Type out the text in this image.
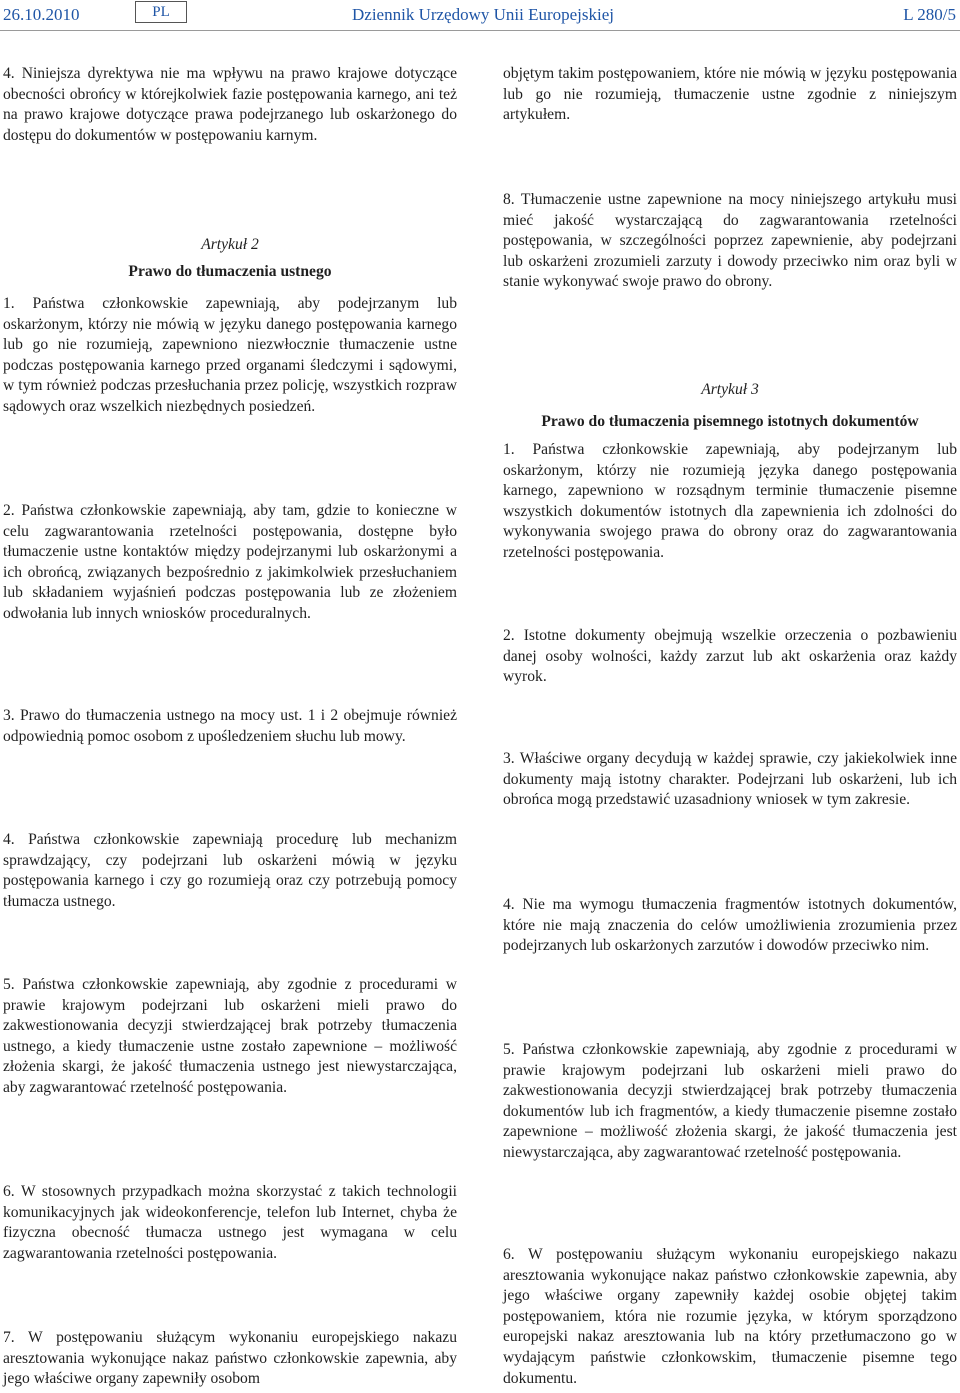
26.10.2010	PL	Dziennik Urzędowy Unii Europejskiej	L 280/5

4. Niniejsza dyrektywa nie ma wpływu na prawo krajowe dotyczące obecności obrońcy w którejkolwiek fazie postępowania karnego, ani też na prawo krajowe dotyczące prawa podejrzanego lub oskarżonego do dostępu do dokumentów w postępowaniu karnym.

Artykuł 2

Prawo do tłumaczenia ustnego

1. Państwa członkowskie zapewniają, aby podejrzanym lub oskarżonym, którzy nie mówią w języku danego postępowania karnego lub go nie rozumieją, zapewniono niezwłocznie tłumaczenie ustne podczas postępowania karnego przed organami śledczymi i sądowymi, w tym również podczas przesłuchania przez policję, wszystkich rozpraw sądowych oraz wszelkich niezbędnych posiedzeń.

2. Państwa członkowskie zapewniają, aby tam, gdzie to konieczne w celu zagwarantowania rzetelności postępowania, dostępne było tłumaczenie ustne kontaktów między podejrzanymi lub oskarżonymi a ich obrońcą, związanych bezpośrednio z jakimkolwiek przesłuchaniem lub składaniem wyjaśnień podczas postępowania lub ze złożeniem odwołania lub innych wniosków proceduralnych.

3. Prawo do tłumaczenia ustnego na mocy ust. 1 i 2 obejmuje również odpowiednią pomoc osobom z upośledzeniem słuchu lub mowy.

4. Państwa członkowskie zapewniają procedurę lub mechanizm sprawdzający, czy podejrzani lub oskarżeni mówią w języku postępowania karnego i czy go rozumieją oraz czy potrzebują pomocy tłumacza ustnego.

5. Państwa członkowskie zapewniają, aby zgodnie z procedurami w prawie krajowym podejrzani lub oskarżeni mieli prawo do zakwestionowania decyzji stwierdzającej brak potrzeby tłumaczenia ustnego, a kiedy tłumaczenie ustne zostało zapewnione – możliwość złożenia skargi, że jakość tłumaczenia ustnego jest niewystarczająca, aby zagwarantować rzetelność postępowania.

6. W stosownych przypadkach można skorzystać z takich technologii komunikacyjnych jak wideokonferencje, telefon lub Internet, chyba że fizyczna obecność tłumacza ustnego jest wymagana w celu zagwarantowania rzetelności postępowania.

7. W postępowaniu służącym wykonaniu europejskiego nakazu aresztowania wykonujące nakaz państwo członkowskie zapewnia, aby jego właściwe organy zapewniły osobom

objętym takim postępowaniem, które nie mówią w języku postępowania lub go nie rozumieją, tłumaczenie ustne zgodnie z niniejszym artykułem.

8. Tłumaczenie ustne zapewnione na mocy niniejszego artykułu musi mieć jakość wystarczającą do zagwarantowania rzetelności postępowania, w szczególności poprzez zapewnienie, aby podejrzani lub oskarżeni zrozumieli zarzuty i dowody przeciwko nim oraz byli w stanie wykonywać swoje prawo do obrony.

Artykuł 3

Prawo do tłumaczenia pisemnego istotnych dokumentów

1. Państwa członkowskie zapewniają, aby podejrzanym lub oskarżonym, którzy nie rozumieją języka danego postępowania karnego, zapewniono w rozsądnym terminie tłumaczenie pisemne wszystkich dokumentów istotnych dla zapewnienia ich zdolności do wykonywania swojego prawa do obrony oraz do zagwarantowania rzetelności postępowania.

2. Istotne dokumenty obejmują wszelkie orzeczenia o pozbawieniu danej osoby wolności, każdy zarzut lub akt oskarżenia oraz każdy wyrok.

3. Właściwe organy decydują w każdej sprawie, czy jakiekolwiek inne dokumenty mają istotny charakter. Podejrzani lub oskarżeni, lub ich obrońca mogą przedstawić uzasadniony wniosek w tym zakresie.

4. Nie ma wymogu tłumaczenia fragmentów istotnych dokumentów, które nie mają znaczenia do celów umożliwienia zrozumienia przez podejrzanych lub oskarżonych zarzutów i dowodów przeciwko nim.

5. Państwa członkowskie zapewniają, aby zgodnie z procedurami w prawie krajowym podejrzani lub oskarżeni mieli prawo do zakwestionowania decyzji stwierdzającej brak potrzeby tłumaczenia dokumentów lub ich fragmentów, a kiedy tłumaczenie pisemne zostało zapewnione – możliwość złożenia skargi, że jakość tłumaczenia jest niewystarczająca, aby zagwarantować rzetelność postępowania.

6. W postępowaniu służącym wykonaniu europejskiego nakazu aresztowania wykonujące nakaz państwo członkowskie zapewnia, aby jego właściwe organy zapewniły każdej osobie objętej takim postępowaniem, która nie rozumie języka, w którym sporządzono europejski nakaz aresztowania lub na który przetłumaczono go w wydającym państwie członkowskim, tłumaczenie pisemne tego dokumentu.
